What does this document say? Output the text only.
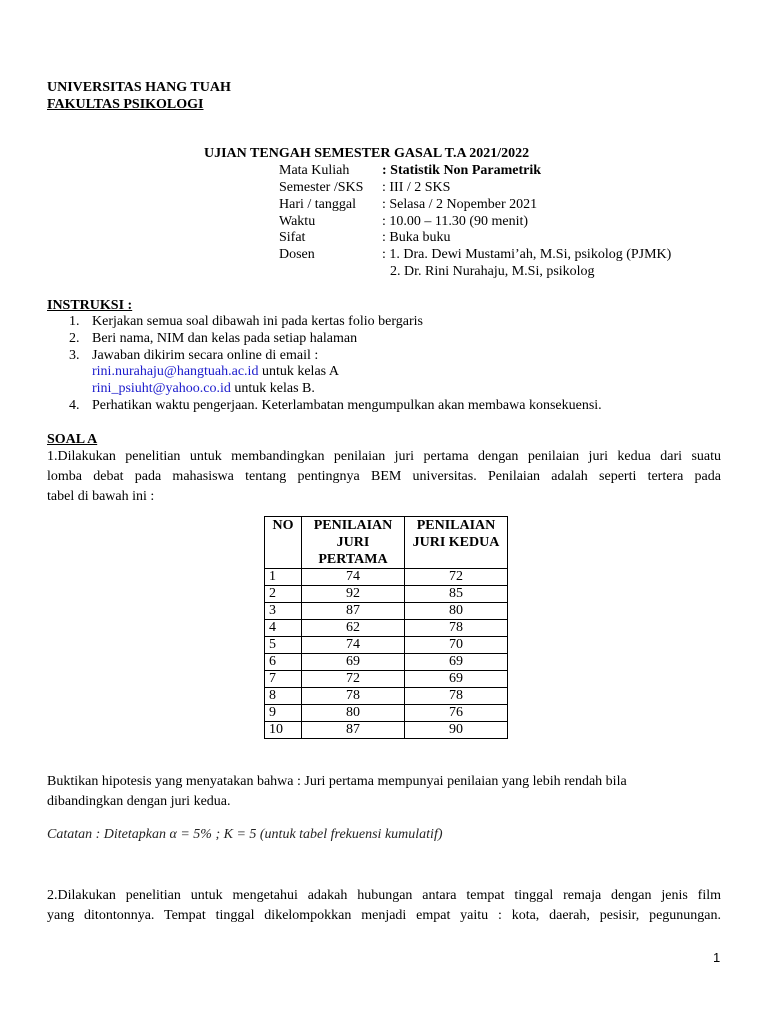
UNIVERSITAS HANG TUAH
FAKULTAS PSIKOLOGI
UJIAN TENGAH SEMESTER GASAL T.A 2021/2022
Mata Kuliah : Statistik Non Parametrik
Semester /SKS : III / 2 SKS
Hari / tanggal : Selasa / 2 Nopember 2021
Waktu	: 10.00 – 11.30 (90 menit)
Sifat	: Buka buku
Dosen	: 1. Dra. Dewi Mustami’ah, M.Si, psikolog (PJMK)
2. Dr. Rini Nurahaju, M.Si, psikolog
INSTRUKSI :
1. Kerjakan semua soal dibawah ini pada kertas folio bergaris
2. Beri nama, NIM dan kelas pada setiap halaman
3. Jawaban dikirim secara online di email :
rini.nurahaju@hangtuah.ac.id untuk kelas A
rini_psiuht@yahoo.co.id untuk kelas B.
4. Perhatikan waktu pengerjaan. Keterlambatan mengumpulkan akan membawa konsekuensi.
SOAL A
1.Dilakukan penelitian untuk membandingkan penilaian juri pertama dengan penilaian juri kedua dari suatu
lomba debat pada mahasiswa tentang pentingnya BEM universitas. Penilaian adalah seperti tertera pada
tabel di bawah ini :
NO	PENILAIAN JURI PERTAMA	PENILAIAN JURI KEDUA
1	74	72
2	92	85
3	87	80
4	62	78
5	74	70
6	69	69
7	72	69
8	78	78
9	80	76
10	87	90
Buktikan hipotesis yang menyatakan bahwa : Juri pertama mempunyai penilaian yang lebih rendah bila
dibandingkan dengan juri kedua.
Catatan : Ditetapkan α = 5% ; K = 5 (untuk tabel frekuensi kumulatif)
2.Dilakukan penelitian untuk mengetahui adakah hubungan antara tempat tinggal remaja dengan jenis film
yang ditontonnya. Tempat tinggal dikelompokkan menjadi empat yaitu : kota, daerah, pesisir, pegunungan.
1
